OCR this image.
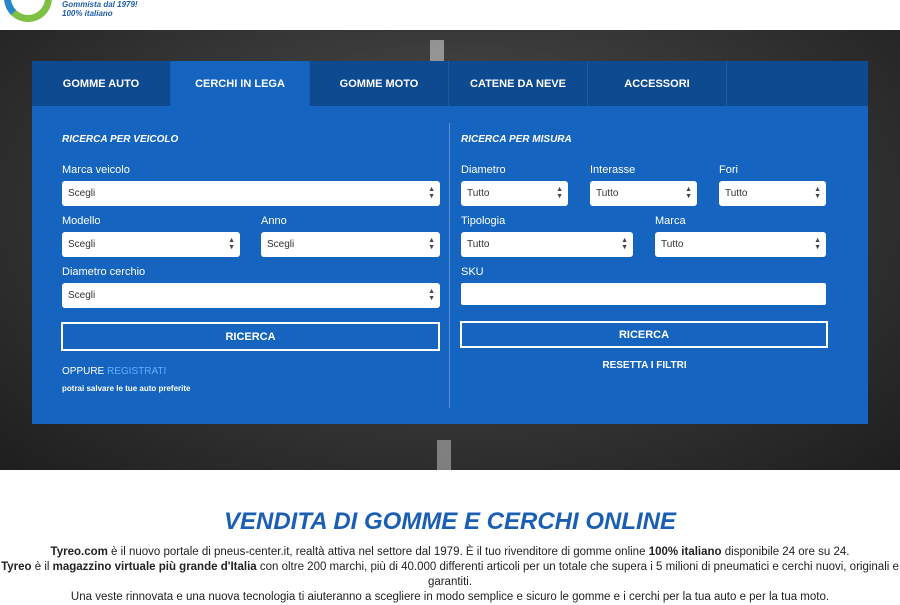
Gommista dal 1979!
100% italiano
GOMME AUTO	CERCHI IN LEGA	GOMME MOTO	CATENE DA NEVE	ACCESSORI
RICERCA PER VEICOLO
Marca veicolo
Scegli	▲
▼
Modello
Scegli	▲
▼
Anno
Scegli	▲
▼
Diametro cerchio
Scegli	▲
▼
RICERCA
OPPURE REGISTRATI
potrai salvare le tue auto preferite
RICERCA PER MISURA
Diametro
Tutto	▲
▼
Interasse
Tutto	▲
▼
Fori
Tutto	▲
▼
Tipologia
Tutto	▲
▼
Marca
Tutto	▲
▼
SKU
RICERCA
RESETTA I FILTRI
VENDITA DI GOMME E CERCHI ONLINE
Tyreo.com è il nuovo portale di pneus-center.it, realtà attiva nel settore dal 1979. È il tuo rivenditore di gomme online 100% italiano disponibile 24 ore su 24.
Tyreo è il magazzino virtuale più grande d'Italia con oltre 200 marchi, più di 40.000 differenti articoli per un totale che supera i 5 milioni di pneumatici e cerchi nuovi, originali e garantiti.
Una veste rinnovata e una nuova tecnologia ti aiuteranno a scegliere in modo semplice e sicuro le gomme e i cerchi per la tua auto e per la tua moto.
